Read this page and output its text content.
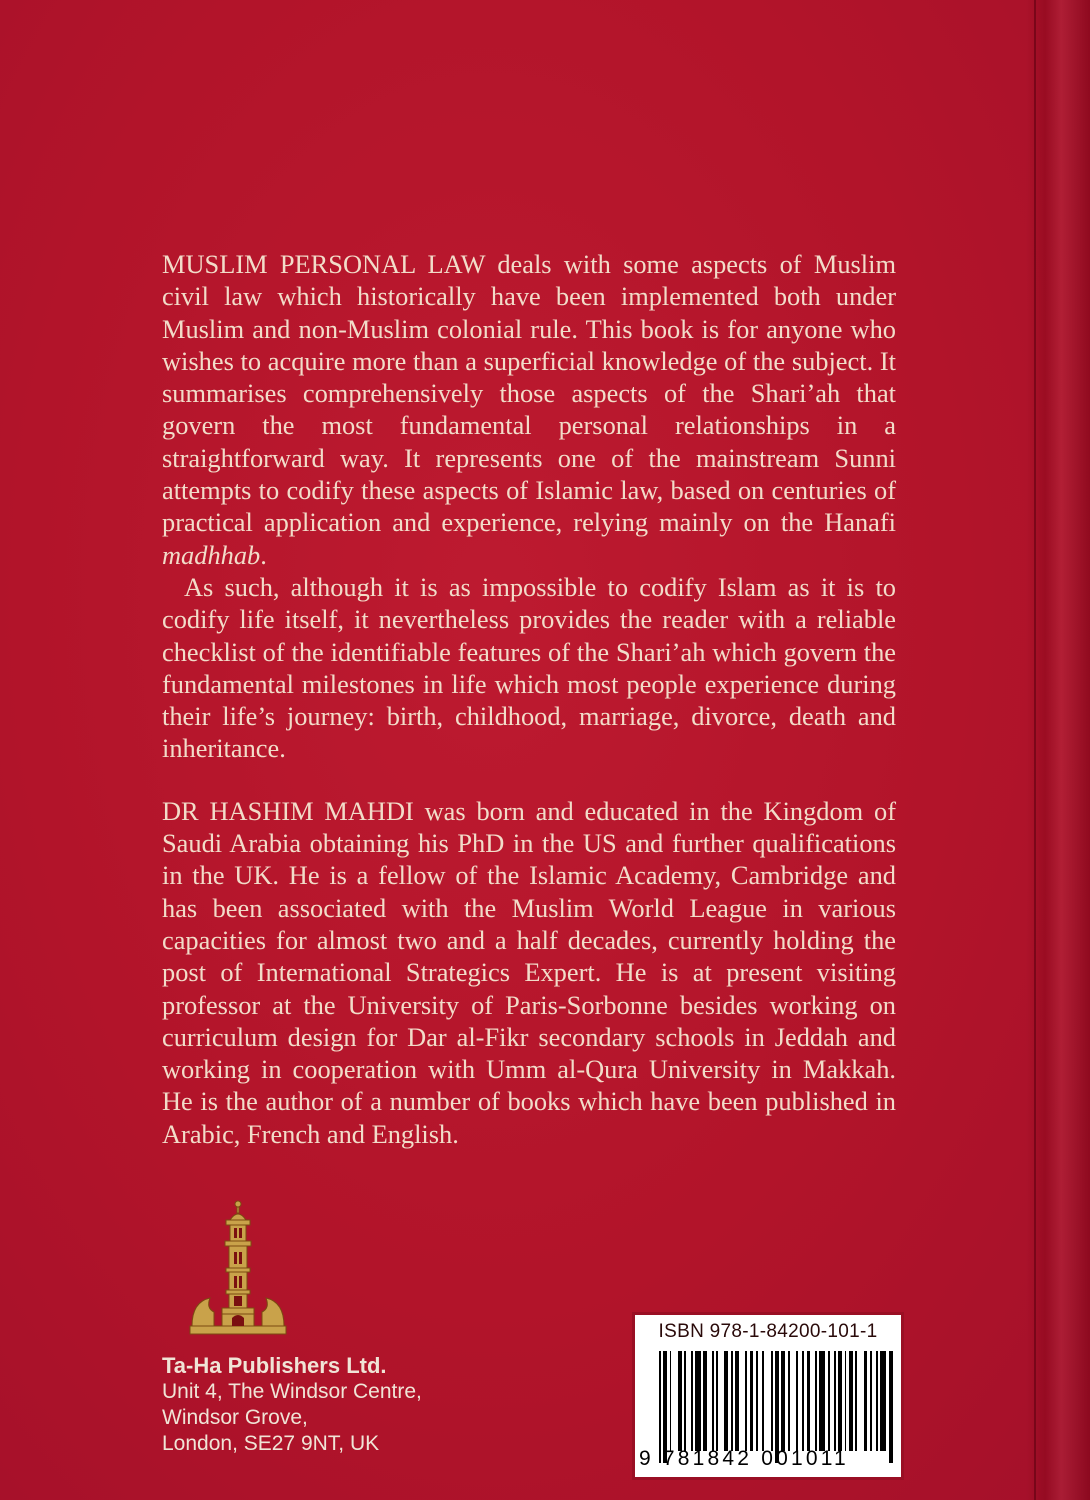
MUSLIM PERSONAL LAW deals with some aspects of Muslim civil law which historically have been implemented both under Muslim and non-Muslim colonial rule. This book is for anyone who wishes to acquire more than a superficial knowledge of the subject. It summarises comprehensively those aspects of the Shari’ah that govern the most fundamental personal relationships in a straightforward way. It represents one of the mainstream Sunni attempts to codify these aspects of Islamic law, based on centuries of practical application and experience, relying mainly on the Hanafi madhhab.

As such, although it is as impossible to codify Islam as it is to codify life itself, it nevertheless provides the reader with a reliable checklist of the identifiable features of the Shari’ah which govern the fundamental milestones in life which most people experience during their life’s journey: birth, childhood, marriage, divorce, death and inheritance.

DR HASHIM MAHDI was born and educated in the Kingdom of Saudi Arabia obtaining his PhD in the US and further qualifications in the UK. He is a fellow of the Islamic Academy, Cambridge and has been associated with the Muslim World League in various capacities for almost two and a half decades, currently holding the post of International Strategics Expert. He is at present visiting professor at the University of Paris-Sorbonne besides working on curriculum design for Dar al-Fikr secondary schools in Jeddah and working in cooperation with Umm al-Qura University in Makkah. He is the author of a number of books which have been published in Arabic, French and English.

Ta-Ha Publishers Ltd.
Unit 4, The Windsor Centre,
Windsor Grove,
London, SE27 9NT, UK
ISBN 978-1-84200-101-1
9 781842 001011
